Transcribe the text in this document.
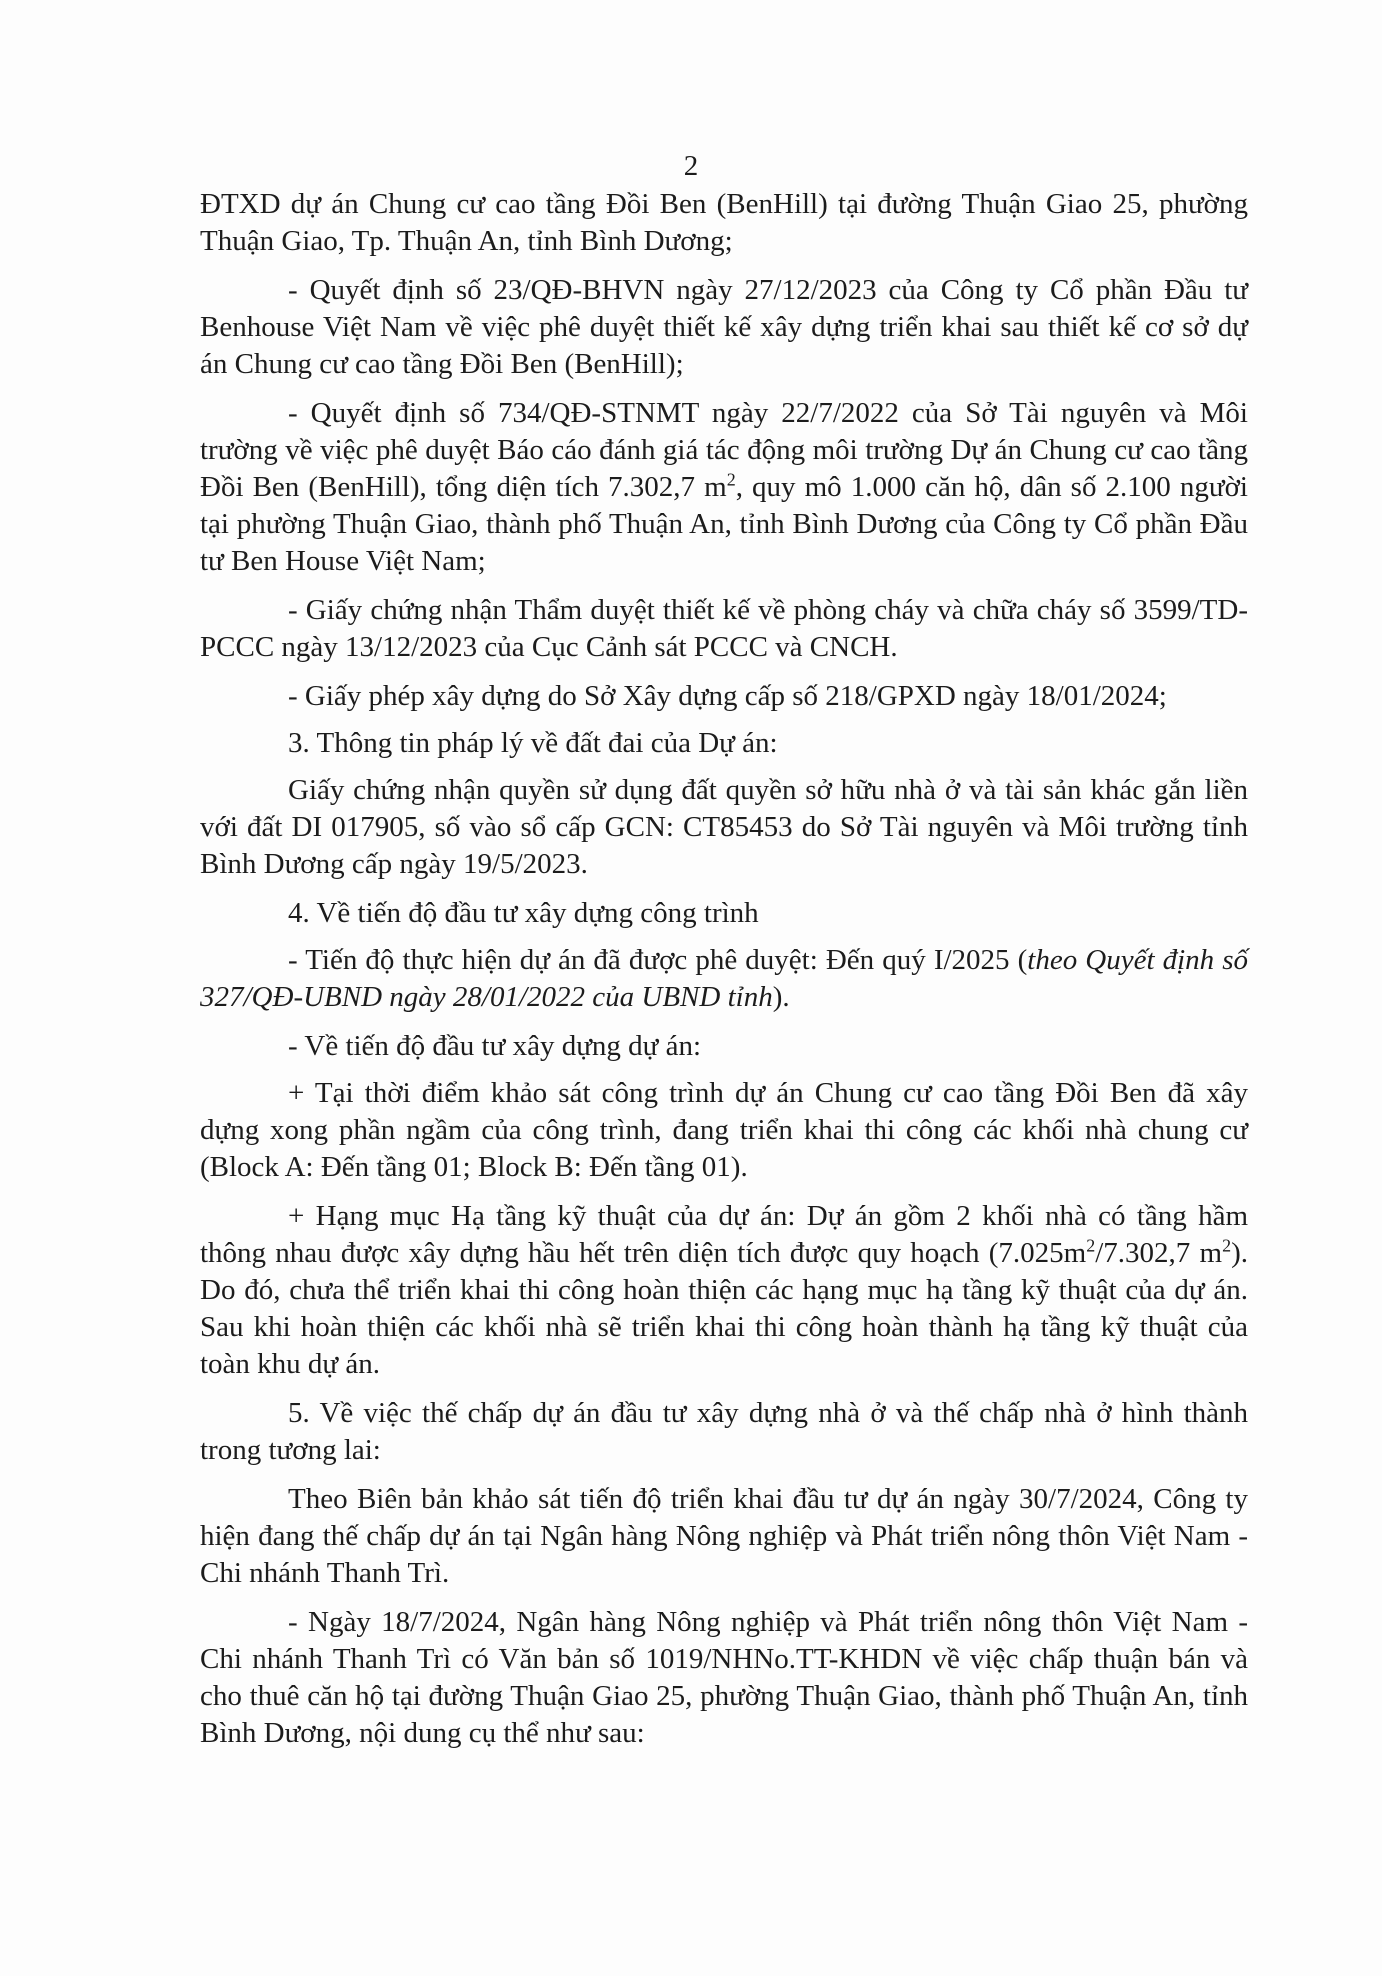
2

ĐTXD dự án Chung cư cao tầng Đồi Ben (BenHill) tại đường Thuận Giao 25, phường Thuận Giao, Tp. Thuận An, tỉnh Bình Dương;

- Quyết định số 23/QĐ-BHVN ngày 27/12/2023 của Công ty Cổ phần Đầu tư Benhouse Việt Nam về việc phê duyệt thiết kế xây dựng triển khai sau thiết kế cơ sở dự án Chung cư cao tầng Đồi Ben (BenHill);

- Quyết định số 734/QĐ-STNMT ngày 22/7/2022 của Sở Tài nguyên và Môi trường về việc phê duyệt Báo cáo đánh giá tác động môi trường Dự án Chung cư cao tầng Đồi Ben (BenHill), tổng diện tích 7.302,7 $m^2$, quy mô 1.000 căn hộ, dân số 2.100 người tại phường Thuận Giao, thành phố Thuận An, tỉnh Bình Dương của Công ty Cổ phần Đầu tư Ben House Việt Nam;

- Giấy chứng nhận Thẩm duyệt thiết kế về phòng cháy và chữa cháy số 3599/TD-PCCC ngày 13/12/2023 của Cục Cảnh sát PCCC và CNCH.

- Giấy phép xây dựng do Sở Xây dựng cấp số 218/GPXD ngày 18/01/2024;

3. Thông tin pháp lý về đất đai của Dự án:

Giấy chứng nhận quyền sử dụng đất quyền sở hữu nhà ở và tài sản khác gắn liền với đất DI 017905, số vào sổ cấp GCN: CT85453 do Sở Tài nguyên và Môi trường tỉnh Bình Dương cấp ngày 19/5/2023.

4. Về tiến độ đầu tư xây dựng công trình

- Tiến độ thực hiện dự án đã được phê duyệt: Đến quý I/2025 (theo Quyết định số 327/QĐ-UBND ngày 28/01/2022 của UBND tỉnh).

- Về tiến độ đầu tư xây dựng dự án:

+ Tại thời điểm khảo sát công trình dự án Chung cư cao tầng Đồi Ben đã xây dựng xong phần ngầm của công trình, đang triển khai thi công các khối nhà chung cư (Block A: Đến tầng 01; Block B: Đến tầng 01).

+ Hạng mục Hạ tầng kỹ thuật của dự án: Dự án gồm 2 khối nhà có tầng hầm thông nhau được xây dựng hầu hết trên diện tích được quy hoạch ($7.025m^2/7.302,7$ $m^2$). Do đó, chưa thể triển khai thi công hoàn thiện các hạng mục hạ tầng kỹ thuật của dự án. Sau khi hoàn thiện các khối nhà sẽ triển khai thi công hoàn thành hạ tầng kỹ thuật của toàn khu dự án.

5. Về việc thế chấp dự án đầu tư xây dựng nhà ở và thế chấp nhà ở hình thành trong tương lai:

Theo Biên bản khảo sát tiến độ triển khai đầu tư dự án ngày 30/7/2024, Công ty hiện đang thế chấp dự án tại Ngân hàng Nông nghiệp và Phát triển nông thôn Việt Nam - Chi nhánh Thanh Trì.

- Ngày 18/7/2024, Ngân hàng Nông nghiệp và Phát triển nông thôn Việt Nam - Chi nhánh Thanh Trì có Văn bản số 1019/NHNo.TT-KHDN về việc chấp thuận bán và cho thuê căn hộ tại đường Thuận Giao 25, phường Thuận Giao, thành phố Thuận An, tỉnh Bình Dương, nội dung cụ thể như sau:
